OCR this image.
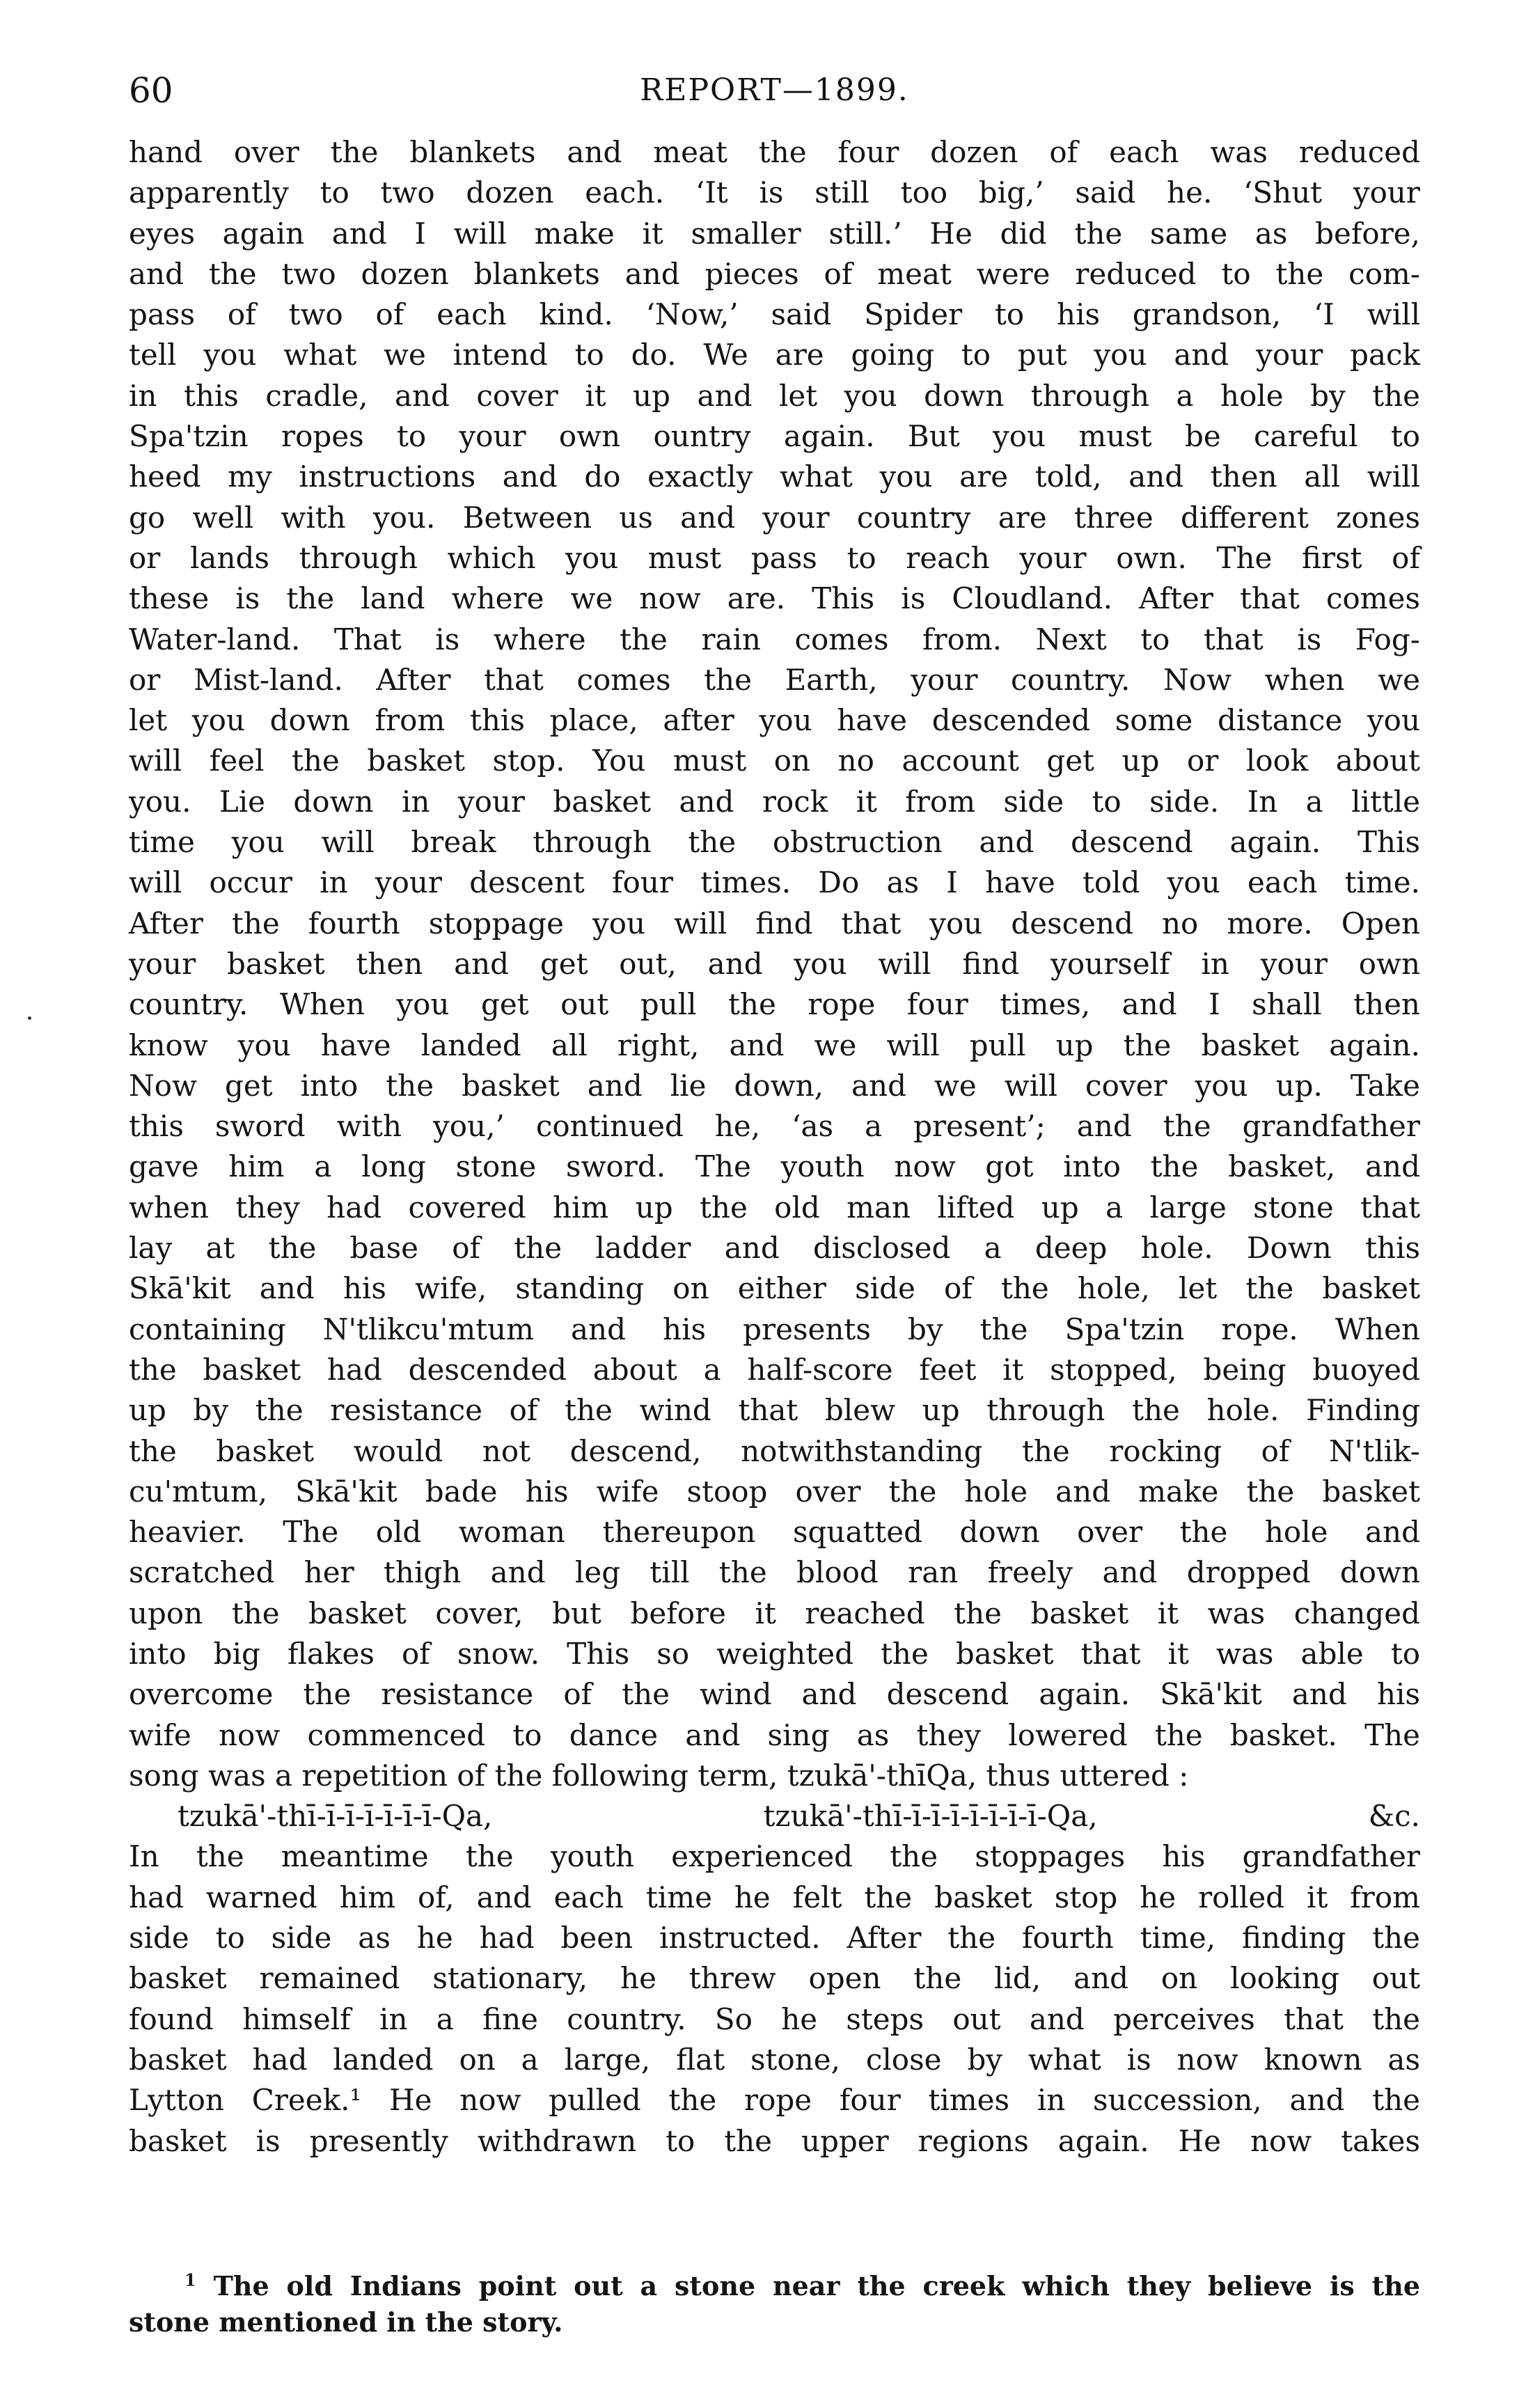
60	REPORT—1899.
hand over the blankets and meat the four dozen of each was reduced
apparently to two dozen each. ‘It is still too big,’ said he. ‘Shut your
eyes again and I will make it smaller still.’ He did the same as before,
and the two dozen blankets and pieces of meat were reduced to the com-
pass of two of each kind. ‘Now,’ said Spider to his grandson, ‘I will
tell you what we intend to do. We are going to put you and your pack
in this cradle, and cover it up and let you down through a hole by the
Spa'tzin ropes to your own ountry again. But you must be careful to
heed my instructions and do exactly what you are told, and then all will
go well with you. Between us and your country are three different zones
or lands through which you must pass to reach your own. The first of
these is the land where we now are. This is Cloudland. After that comes
Water-land. That is where the rain comes from. Next to that is Fog-
or Mist-land. After that comes the Earth, your country. Now when we
let you down from this place, after you have descended some distance you
will feel the basket stop. You must on no account get up or look about
you. Lie down in your basket and rock it from side to side. In a little
time you will break through the obstruction and descend again. This
will occur in your descent four times. Do as I have told you each time.
After the fourth stoppage you will find that you descend no more. Open
your basket then and get out, and you will find yourself in your own
country. When you get out pull the rope four times, and I shall then
know you have landed all right, and we will pull up the basket again.
Now get into the basket and lie down, and we will cover you up. Take
this sword with you,’ continued he, ‘as a present’; and the grandfather
gave him a long stone sword. The youth now got into the basket, and
when they had covered him up the old man lifted up a large stone that
lay at the base of the ladder and disclosed a deep hole. Down this
Skā'kit and his wife, standing on either side of the hole, let the basket
containing N'tlikcu'mtum and his presents by the Spa'tzin rope. When
the basket had descended about a half-score feet it stopped, being buoyed
up by the resistance of the wind that blew up through the hole. Finding
the basket would not descend, notwithstanding the rocking of N'tlik-
cu'mtum, Skā'kit bade his wife stoop over the hole and make the basket
heavier. The old woman thereupon squatted down over the hole and
scratched her thigh and leg till the blood ran freely and dropped down
upon the basket cover, but before it reached the basket it was changed
into big flakes of snow. This so weighted the basket that it was able to
overcome the resistance of the wind and descend again. Skā'kit and his
wife now commenced to dance and sing as they lowered the basket. The
song was a repetition of the following term, tzukā'-thīQa, thus uttered :
tzukā'-thī-ī-ī-ī-ī-ī-ī-Qa, tzukā'-thī-ī-ī-ī-ī-ī-ī-ī-Qa, &c.
In the meantime the youth experienced the stoppages his grandfather
had warned him of, and each time he felt the basket stop he rolled it from
side to side as he had been instructed. After the fourth time, finding the
basket remained stationary, he threw open the lid, and on looking out
found himself in a fine country. So he steps out and perceives that the
basket had landed on a large, flat stone, close by what is now known as
Lytton Creek.¹ He now pulled the rope four times in succession, and the
basket is presently withdrawn to the upper regions again. He now takes
$^1$ The old Indians point out a stone near the creek which they believe is the
stone mentioned in the story.
